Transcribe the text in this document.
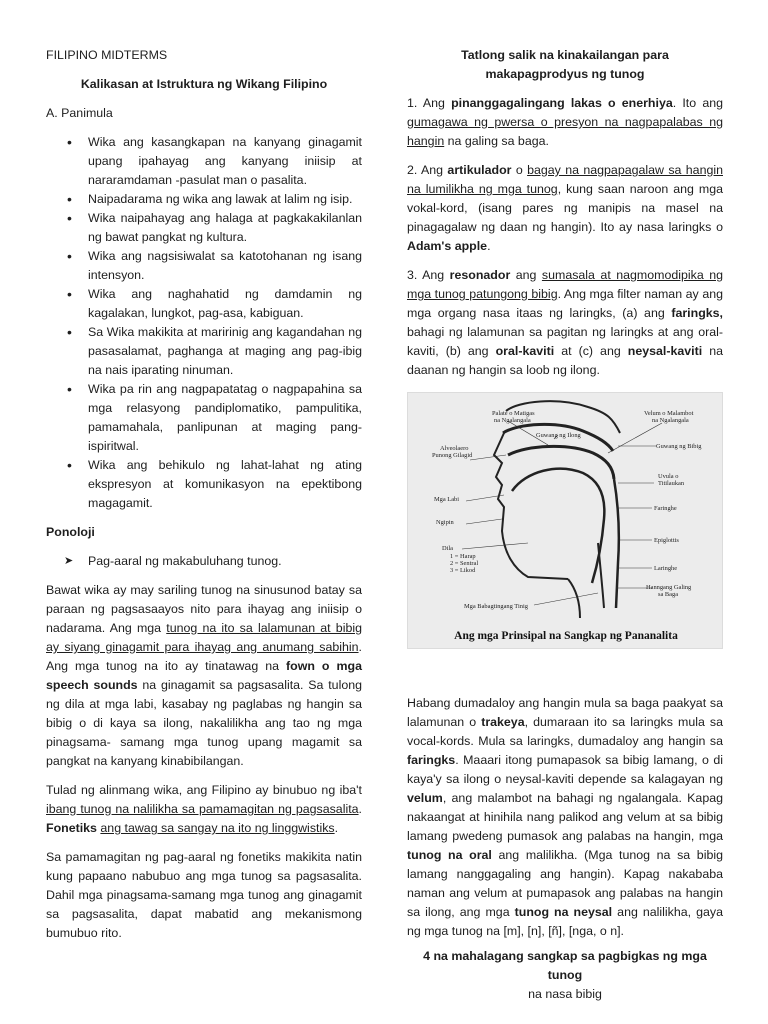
FILIPINO MIDTERMS

Kalikasan at Istruktura ng Wikang Filipino

A. Panimula

• Wika ang kasangkapan na kanyang ginagamit upang ipahayag ang kanyang iniisip at nararamdaman -pasulat man o pasalita.
• Naipadarama ng wika ang lawak at lalim ng isip.
• Wika naipahayag ang halaga at pagkakakilanlan ng bawat pangkat ng kultura.
• Wika ang nagsisiwalat sa katotohanan ng isang intensyon.
• Wika ang naghahatid ng damdamin ng kagalakan, lungkot, pag-asa, kabiguan.
• Sa Wika makikita at maririnig ang kagandahan ng pasasalamat, paghanga at maging ang pag-ibig na nais iparating ninuman.
• Wika pa rin ang nagpapatatag o nagpapahina sa mga relasyong pandiplomatiko, pampulitika, pamamahala, panlipunan at maging pang-ispiritwal.
• Wika ang behikulo ng lahat-lahat ng ating ekspresyon at komunikasyon na epektibong magagamit.

Ponoloji

➤ Pag-aaral ng makabuluhang tunog.

Bawat wika ay may sariling tunog na sinusunod batay sa paraan ng pagsasaayos nito para ihayag ang iniisip o nadarama. Ang mga tunog na ito sa lalamunan at bibig ay siyang ginagamit para ihayag ang anumang sabihin. Ang mga tunog na ito ay tinatawag na fown o mga speech sounds na ginagamit sa pagsasalita. Sa tulong ng dila at mga labi, kasabay ng paglabas ng hangin sa bibig o di kaya sa ilong, nakalilikha ang tao ng mga pinagsama- samang mga tunog upang magamit sa pangkat na kanyang kinabibilangan.

Tulad ng alinmang wika, ang Filipino ay binubuo ng iba't ibang tunog na nalilikha sa pamamagitan ng pagsasalita. Fonetiks ang tawag sa sangay na ito ng linggwistiks.

Sa pamamagitan ng pag-aaral ng fonetiks makikita natin kung papaano nabubuo ang mga tunog sa pagsasalita. Dahil mga pinagsama-samang mga tunog ang ginagamit sa pagsasalita, dapat mabatid ang mekanismong bumubuo rito.

Tatlong salik na kinakailangan para makapagprodyus ng tunog

1. Ang pinanggagalingang lakas o enerhiya. Ito ang gumagawa ng pwersa o presyon na nagpapalabas ng hangin na galing sa baga.

2. Ang artikulador o bagay na nagpapagalaw sa hangin na lumilikha ng mga tunog, kung saan naroon ang mga vokal-kord, (isang pares ng manipis na masel na pinagagalaw ng daan ng hangin). Ito ay nasa laringks o Adam's apple.

3. Ang resonador ang sumasala at nagmomodipika ng mga tunog patungong bibig. Ang mga filter naman ay ang mga organg nasa itaas ng laringks, (a) ang faringks, bahagi ng lalamunan sa pagitan ng laringks at ang oral-kaviti, (b) ang oral-kaviti at (c) ang neysal-kaviti na daanan ng hangin sa loob ng ilong.

Palate o Matigas
na Ngalangala
Guwang ng Ilong
Velum o Malambot
na Ngalangala
Alveolaero
Punong Gilagid
Guwang ng Bibig
Uvula o
Titilaukan
Mga Labi
Faringhe
Ngipin
Epiglottis
Dila
1 = Harap
2 = Sentral
3 = Likod	Laringhe
Hanngang Galing
sa Baga
Mga Babagtingang Tinig
Ang mga Prinsipal na Sangkap ng Pananalita

Habang dumadaloy ang hangin mula sa baga paakyat sa lalamunan o trakeya, dumaraan ito sa laringks mula sa vocal-kords. Mula sa laringks, dumadaloy ang hangin sa faringks. Maaari itong pumapasok sa bibig lamang, o di kaya'y sa ilong o neysal-kaviti depende sa kalagayan ng velum, ang malambot na bahagi ng ngalangala. Kapag nakaangat at hinihila nang palikod ang velum at sa bibig lamang pwedeng pumasok ang palabas na hangin, mga tunog na oral ang malilikha. (Mga tunog na sa bibig lamang nanggagaling ang hangin). Kapag nakababa naman ang velum at pumapasok ang palabas na hangin sa ilong, ang mga tunog na neysal ang nalilikha, gaya ng mga tunog na [m], [n], [ñ], [nga, o n].

4 na mahalagang sangkap sa pagbigkas ng mga tunog

na nasa bibig
